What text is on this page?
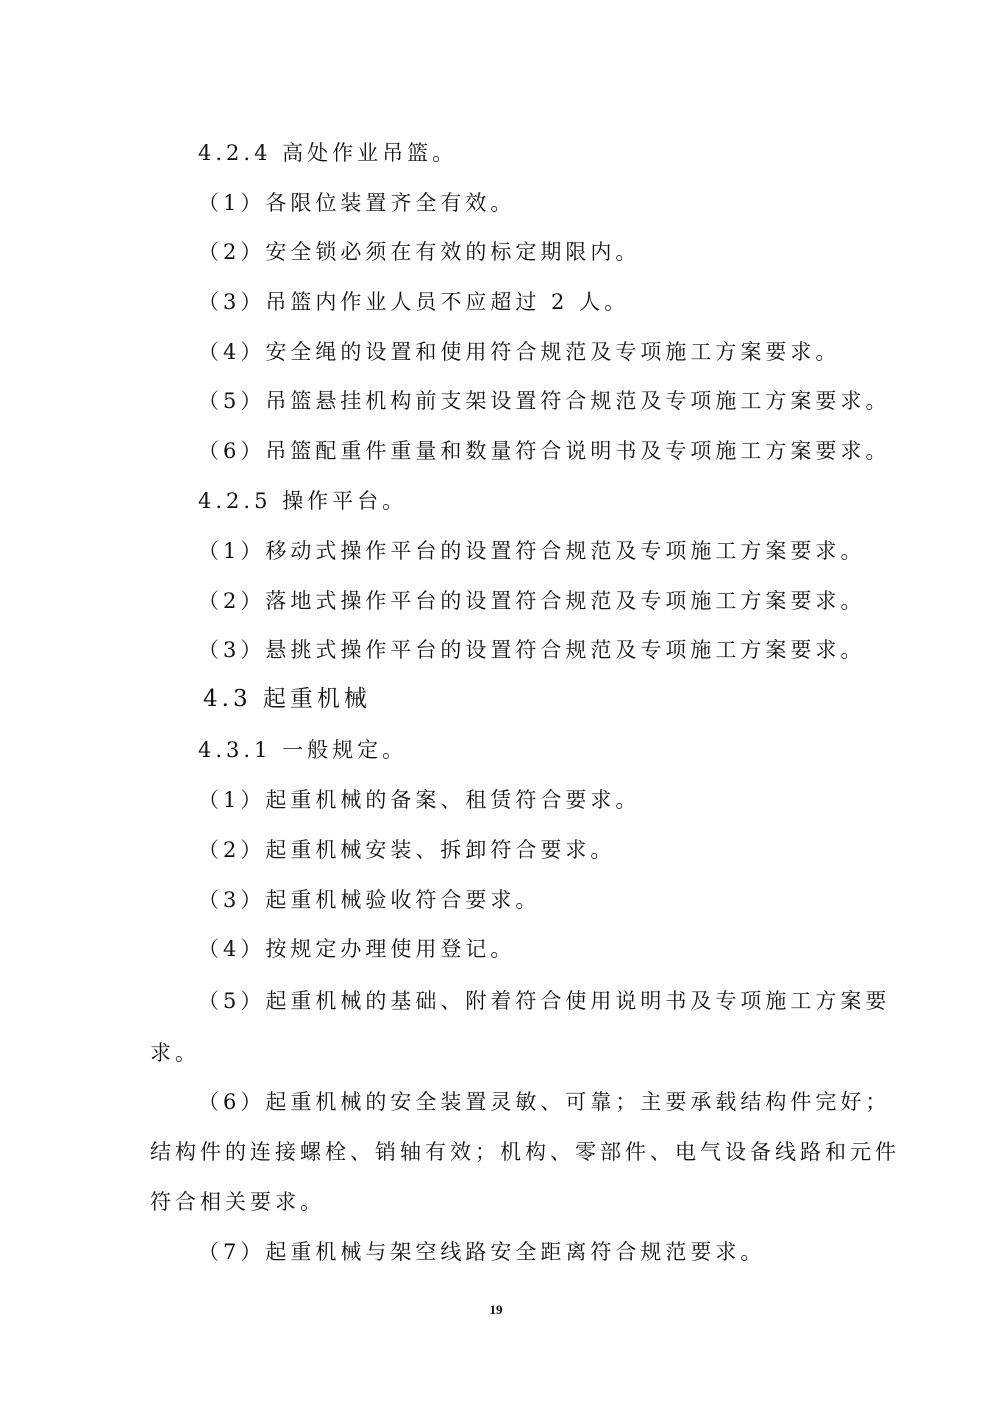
4.2.4 高处作业吊篮。
（1）各限位装置齐全有效。
（2）安全锁必须在有效的标定期限内。
（3）吊篮内作业人员不应超过 2 人。
（4）安全绳的设置和使用符合规范及专项施工方案要求。
（5）吊篮悬挂机构前支架设置符合规范及专项施工方案要求。
（6）吊篮配重件重量和数量符合说明书及专项施工方案要求。
4.2.5 操作平台。
（1）移动式操作平台的设置符合规范及专项施工方案要求。
（2）落地式操作平台的设置符合规范及专项施工方案要求。
（3）悬挑式操作平台的设置符合规范及专项施工方案要求。
4.3 起重机械
4.3.1 一般规定。
（1）起重机械的备案、租赁符合要求。
（2）起重机械安装、拆卸符合要求。
（3）起重机械验收符合要求。
（4）按规定办理使用登记。
（5）起重机械的基础、附着符合使用说明书及专项施工方案要
求。
（6）起重机械的安全装置灵敏、可靠；主要承载结构件完好；
结构件的连接螺栓、销轴有效；机构、零部件、电气设备线路和元件
符合相关要求。
（7）起重机械与架空线路安全距离符合规范要求。
19
